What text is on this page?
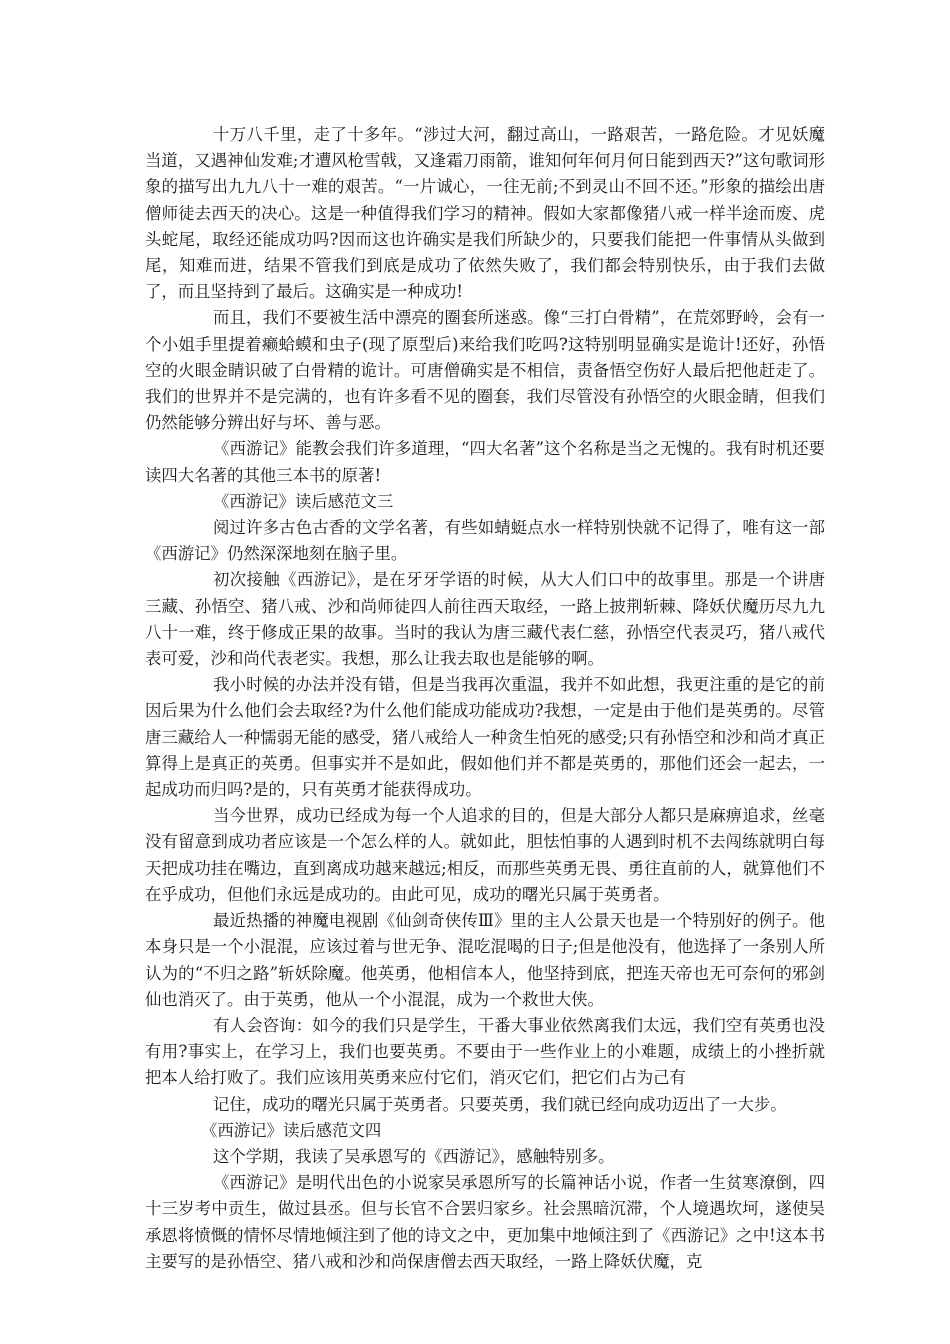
十万八千里，走了十多年。“涉过大河，翻过高山，一路艰苦，一路危险。才见妖魔当道，又遇神仙发难;才遭风枪雪戟，又逢霜刀雨箭，谁知何年何月何日能到西天?”这句歌词形象的描写出九九八十一难的艰苦。“一片诚心，一往无前;不到灵山不回不还。”形象的描绘出唐僧师徒去西天的决心。这是一种值得我们学习的精神。假如大家都像猪八戒一样半途而废、虎头蛇尾，取经还能成功吗?因而这也许确实是我们所缺少的，只要我们能把一件事情从头做到尾，知难而进，结果不管我们到底是成功了依然失败了，我们都会特别快乐，由于我们去做了，而且坚持到了最后。这确实是一种成功!

而且，我们不要被生活中漂亮的圈套所迷惑。像“三打白骨精”，在荒郊野岭，会有一个小姐手里提着癞蛤蟆和虫子(现了原型后)来给我们吃吗?这特别明显确实是诡计!还好，孙悟空的火眼金睛识破了白骨精的诡计。可唐僧确实是不相信，责备悟空伤好人最后把他赶走了。我们的世界并不是完满的，也有许多看不见的圈套，我们尽管没有孙悟空的火眼金睛，但我们仍然能够分辨出好与坏、善与恶。

《西游记》能教会我们许多道理，“四大名著”这个名称是当之无愧的。我有时机还要读四大名著的其他三本书的原著!

《西游记》读后感范文三

阅过许多古色古香的文学名著，有些如蜻蜓点水一样特别快就不记得了，唯有这一部《西游记》仍然深深地刻在脑子里。

初次接触《西游记》，是在牙牙学语的时候，从大人们口中的故事里。那是一个讲唐三藏、孙悟空、猪八戒、沙和尚师徒四人前往西天取经，一路上披荆斩棘、降妖伏魔历尽九九八十一难，终于修成正果的故事。当时的我认为唐三藏代表仁慈，孙悟空代表灵巧，猪八戒代表可爱，沙和尚代表老实。我想，那么让我去取也是能够的啊。

我小时候的办法并没有错，但是当我再次重温，我并不如此想，我更注重的是它的前因后果为什么他们会去取经?为什么他们能成功能成功?我想，一定是由于他们是英勇的。尽管唐三藏给人一种懦弱无能的感受，猪八戒给人一种贪生怕死的感受;只有孙悟空和沙和尚才真正算得上是真正的英勇。但事实并不是如此，假如他们并不都是英勇的，那他们还会一起去，一起成功而归吗?是的，只有英勇才能获得成功。

当今世界，成功已经成为每一个人追求的目的，但是大部分人都只是麻痹追求，丝毫没有留意到成功者应该是一个怎么样的人。就如此，胆怯怕事的人遇到时机不去闯练就明白每天把成功挂在嘴边，直到离成功越来越远;相反，而那些英勇无畏、勇往直前的人，就算他们不在乎成功，但他们永远是成功的。由此可见，成功的曙光只属于英勇者。

最近热播的神魔电视剧《仙剑奇侠传Ⅲ》里的主人公景天也是一个特别好的例子。他本身只是一个小混混，应该过着与世无争、混吃混喝的日子;但是他没有，他选择了一条别人所认为的“不归之路”斩妖除魔。他英勇，他相信本人，他坚持到底，把连天帝也无可奈何的邪剑仙也消灭了。由于英勇，他从一个小混混，成为一个救世大侠。

有人会咨询：如今的我们只是学生，干番大事业依然离我们太远，我们空有英勇也没有用?事实上，在学习上，我们也要英勇。不要由于一些作业上的小难题，成绩上的小挫折就把本人给打败了。我们应该用英勇来应付它们，消灭它们，把它们占为己有

记住，成功的曙光只属于英勇者。只要英勇，我们就已经向成功迈出了一大步。

《西游记》读后感范文四

这个学期，我读了吴承恩写的《西游记》，感触特别多。

《西游记》是明代出色的小说家吴承恩所写的长篇神话小说，作者一生贫寒潦倒，四十三岁考中贡生，做过县丞。但与长官不合罢归家乡。社会黑暗沉滞，个人境遇坎坷，遂使吴承恩将愤慨的情怀尽情地倾注到了他的诗文之中，更加集中地倾注到了《西游记》之中!这本书主要写的是孙悟空、猪八戒和沙和尚保唐僧去西天取经，一路上降妖伏魔，克
